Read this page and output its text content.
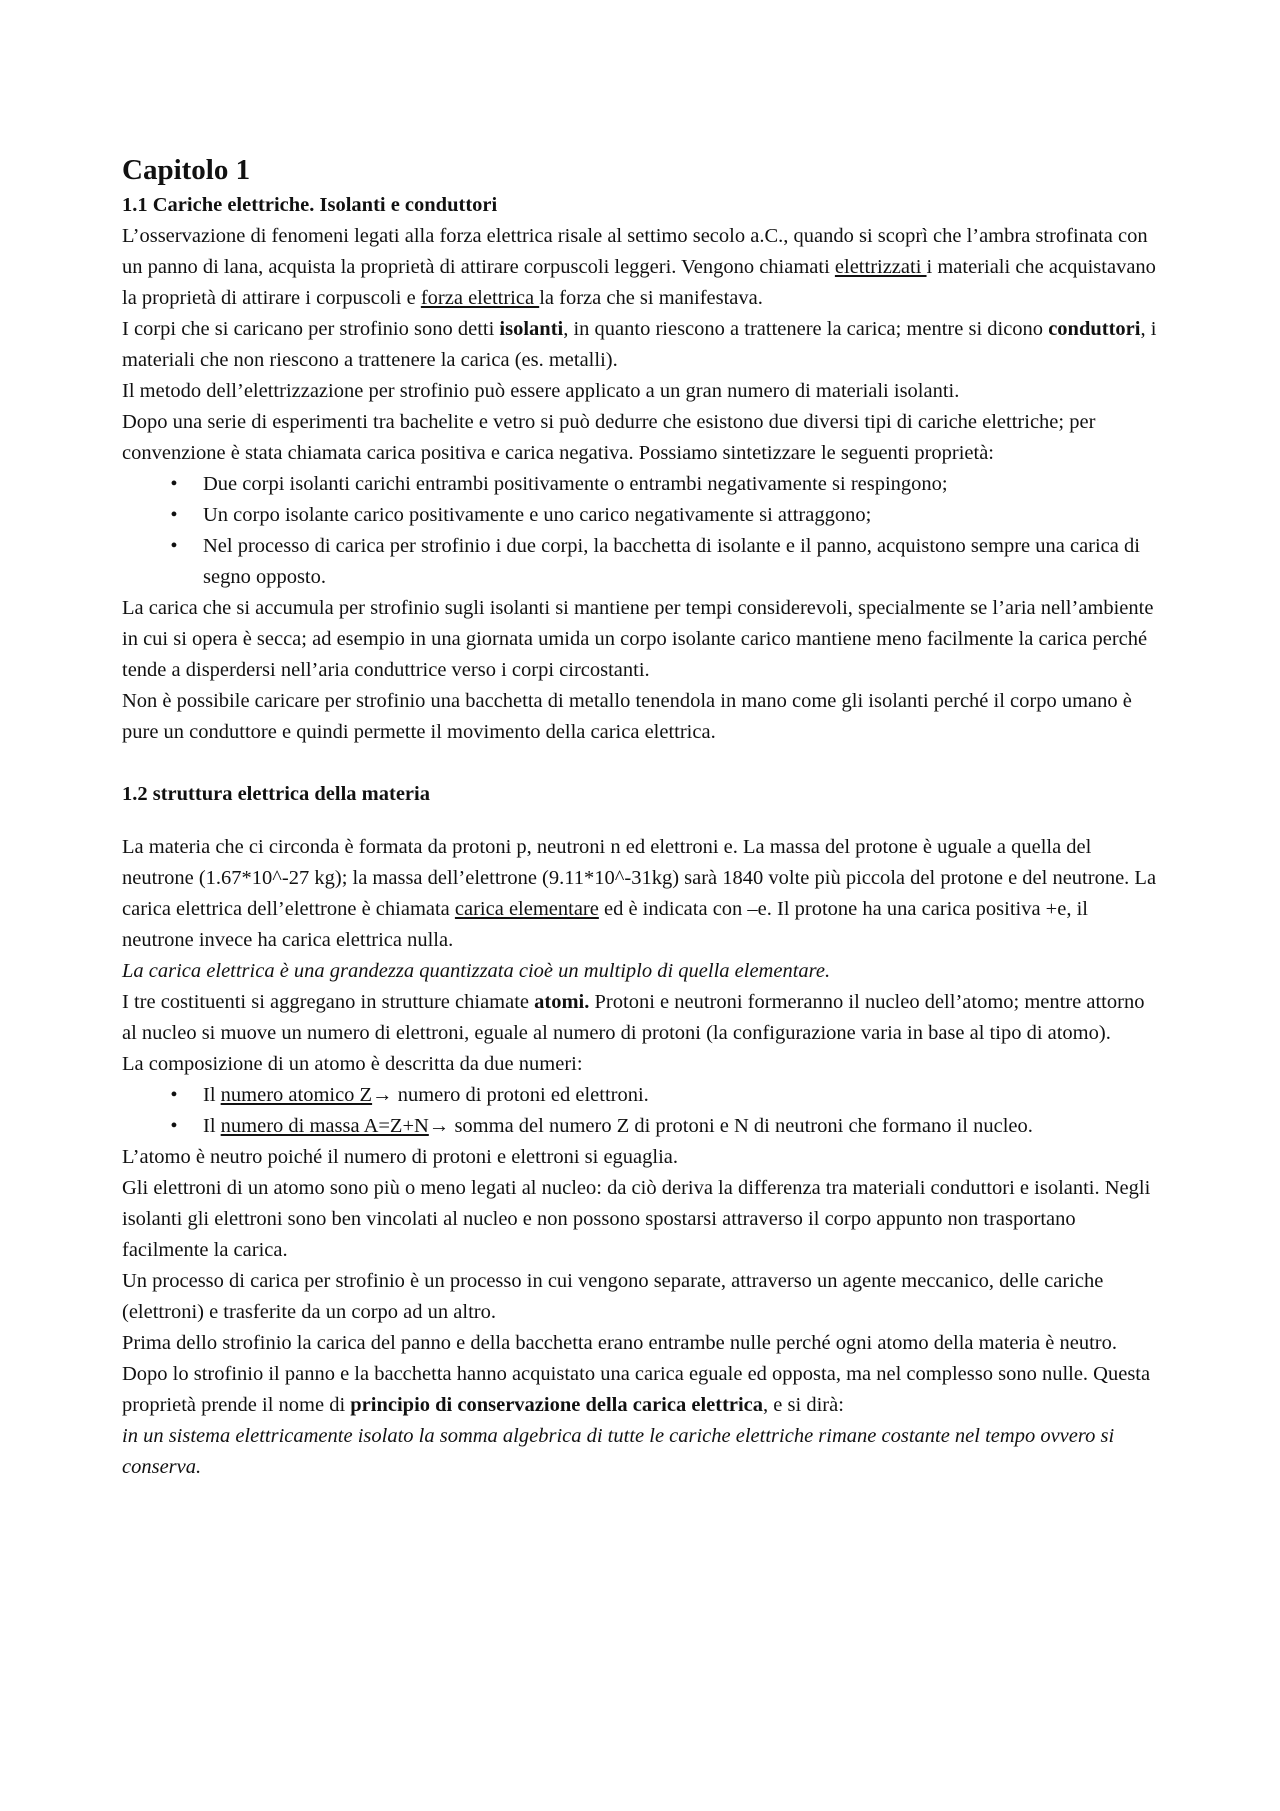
Capitolo 1
1.1 Cariche elettriche. Isolanti e conduttori

L’osservazione di fenomeni legati alla forza elettrica risale al settimo secolo a.C., quando si scoprì che l’ambra strofinata con un panno di lana, acquista la proprietà di attirare corpuscoli leggeri. Vengono chiamati elettrizzati i materiali che acquistavano la proprietà di attirare i corpuscoli e forza elettrica la forza che si manifestava.

I corpi che si caricano per strofinio sono detti isolanti, in quanto riescono a trattenere la carica; mentre si dicono conduttori, i materiali che non riescono a trattenere la carica (es. metalli).

Il metodo dell’elettrizzazione per strofinio può essere applicato a un gran numero di materiali isolanti.

Dopo una serie di esperimenti tra bachelite e vetro si può dedurre che esistono due diversi tipi di cariche elettriche; per convenzione è stata chiamata carica positiva e carica negativa. Possiamo sintetizzare le seguenti proprietà:

•	Due corpi isolanti carichi entrambi positivamente o entrambi negativamente si respingono;
•	Un corpo isolante carico positivamente e uno carico negativamente si attraggono;
•	Nel processo di carica per strofinio i due corpi, la bacchetta di isolante e il panno, acquistono sempre una carica di segno opposto.

La carica che si accumula per strofinio sugli isolanti si mantiene per tempi considerevoli, specialmente se l’aria nell’ambiente in cui si opera è secca; ad esempio in una giornata umida un corpo isolante carico mantiene meno facilmente la carica perché tende a disperdersi nell’aria conduttrice verso i corpi circostanti.

Non è possibile caricare per strofinio una bacchetta di metallo tenendola in mano come gli isolanti perché il corpo umano è pure un conduttore e quindi permette il movimento della carica elettrica.

1.2 struttura elettrica della materia

La materia che ci circonda è formata da protoni p, neutroni n ed elettroni e. La massa del protone è uguale a quella del neutrone (1.67*10^-27 kg); la massa dell’elettrone (9.11*10^-31kg) sarà 1840 volte più piccola del protone e del neutrone. La carica elettrica dell’elettrone è chiamata carica elementare ed è indicata con –e. Il protone ha una carica positiva +e, il neutrone invece ha carica elettrica nulla.

La carica elettrica è una grandezza quantizzata cioè un multiplo di quella elementare.

I tre costituenti si aggregano in strutture chiamate atomi. Protoni e neutroni formeranno il nucleo dell’atomo; mentre attorno al nucleo si muove un numero di elettroni, eguale al numero di protoni (la configurazione varia in base al tipo di atomo).

La composizione di un atomo è descritta da due numeri:

•	Il numero atomico Z→ numero di protoni ed elettroni.
•	Il numero di massa A=Z+N→ somma del numero Z di protoni e N di neutroni che formano il nucleo.

L’atomo è neutro poiché il numero di protoni e elettroni si eguaglia.

Gli elettroni di un atomo sono più o meno legati al nucleo: da ciò deriva la differenza tra materiali conduttori e isolanti. Negli isolanti gli elettroni sono ben vincolati al nucleo e non possono spostarsi attraverso il corpo appunto non trasportano facilmente la carica.

Un processo di carica per strofinio è un processo in cui vengono separate, attraverso un agente meccanico, delle cariche (elettroni) e trasferite da un corpo ad un altro.

Prima dello strofinio la carica del panno e della bacchetta erano entrambe nulle perché ogni atomo della materia è neutro. Dopo lo strofinio il panno e la bacchetta hanno acquistato una carica eguale ed opposta, ma nel complesso sono nulle. Questa proprietà prende il nome di principio di conservazione della carica elettrica, e si dirà:

in un sistema elettricamente isolato la somma algebrica di tutte le cariche elettriche rimane costante nel tempo ovvero si conserva.
